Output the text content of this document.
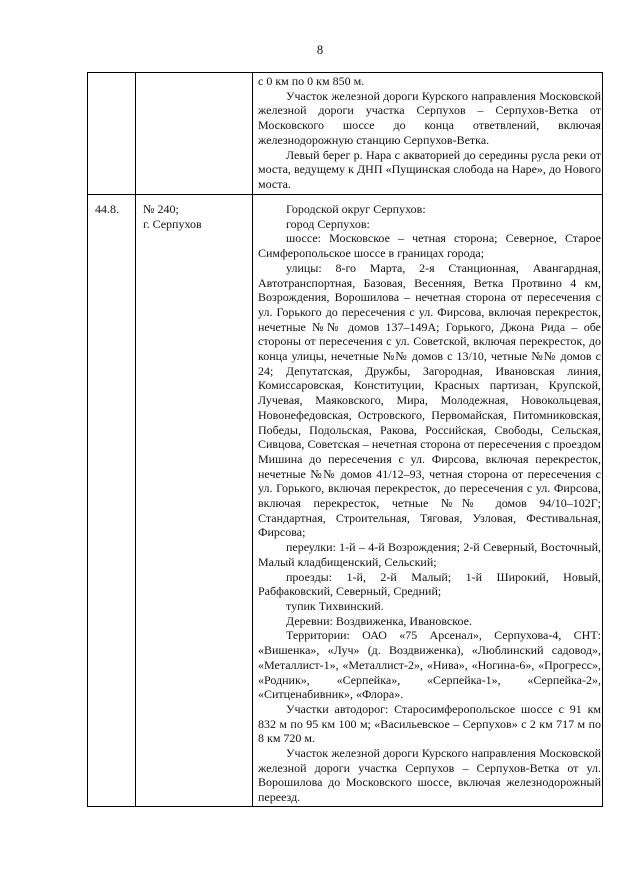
8
с 0 км по 0 км 850 м.
Участок железной дороги Курского направления Московской железной дороги участка Серпухов – Серпухов-Ветка от Московского шоссе до конца ответвлений, включая железнодорожную станцию Серпухов-Ветка.
Левый берег р. Нара с акваторией до середины русла реки от моста, ведущему к ДНП «Пущинская слобода на Наре», до Нового моста.
44.8.	№ 240;
г. Серпухов
Городской округ Серпухов:
город Серпухов:
шоссе: Московское – четная сторона; Северное, Старое Симферопольское шоссе в границах города;
улицы: 8-го Марта, 2-я Станционная, Авангардная, Автотранспортная, Базовая, Весенняя, Ветка Протвино 4 км, Возрождения, Ворошилова – нечетная сторона от пересечения с ул. Горького до пересечения с ул. Фирсова, включая перекресток, нечетные №№ домов 137–149А; Горького, Джона Рида – обе стороны от пересечения с ул. Советской, включая перекресток, до конца улицы, нечетные №№ домов с 13/10, четные №№ домов с 24; Депутатская, Дружбы, Загородная, Ивановская линия, Комиссаровская, Конституции, Красных партизан, Крупской, Лучевая, Маяковского, Мира, Молодежная, Новокольцевая, Новонефедовская, Островского, Первомайская, Питомниковская, Победы, Подольская, Ракова, Российская, Свободы, Сельская, Сивцова, Советская – нечетная сторона от пересечения с проездом Мишина до пересечения с ул. Фирсова, включая перекресток, нечетные №№ домов 41/12–93, четная сторона от пересечения с ул. Горького, включая перекресток, до пересечения с ул. Фирсова, включая перекресток, четные №№ домов 94/10–102Г; Стандартная, Строительная, Тяговая, Узловая, Фестивальная, Фирсова;
переулки: 1-й – 4-й Возрождения; 2-й Северный, Восточный, Малый кладбищенский, Сельский;
проезды: 1-й, 2-й Малый; 1-й Широкий, Новый, Рабфаковский, Северный, Средний;
тупик Тихвинский.
Деревни: Воздвиженка, Ивановское.
Территории: ОАО «75 Арсенал», Серпухова-4, СНТ: «Вишенка», «Луч» (д. Воздвиженка), «Люблинский садовод», «Металлист-1», «Металлист-2», «Нива», «Ногина-6», «Прогресс», «Родник», «Серпейка», «Серпейка-1», «Серпейка-2», «Ситценабивник», «Флора».
Участки автодорог: Старосимферопольское шоссе с 91 км 832 м по 95 км 100 м; «Васильевское – Серпухов» с 2 км 717 м по 8 км 720 м.
Участок железной дороги Курского направления Московской железной дороги участка Серпухов – Серпухов-Ветка от ул. Ворошилова до Московского шоссе, включая железнодорожный переезд.
